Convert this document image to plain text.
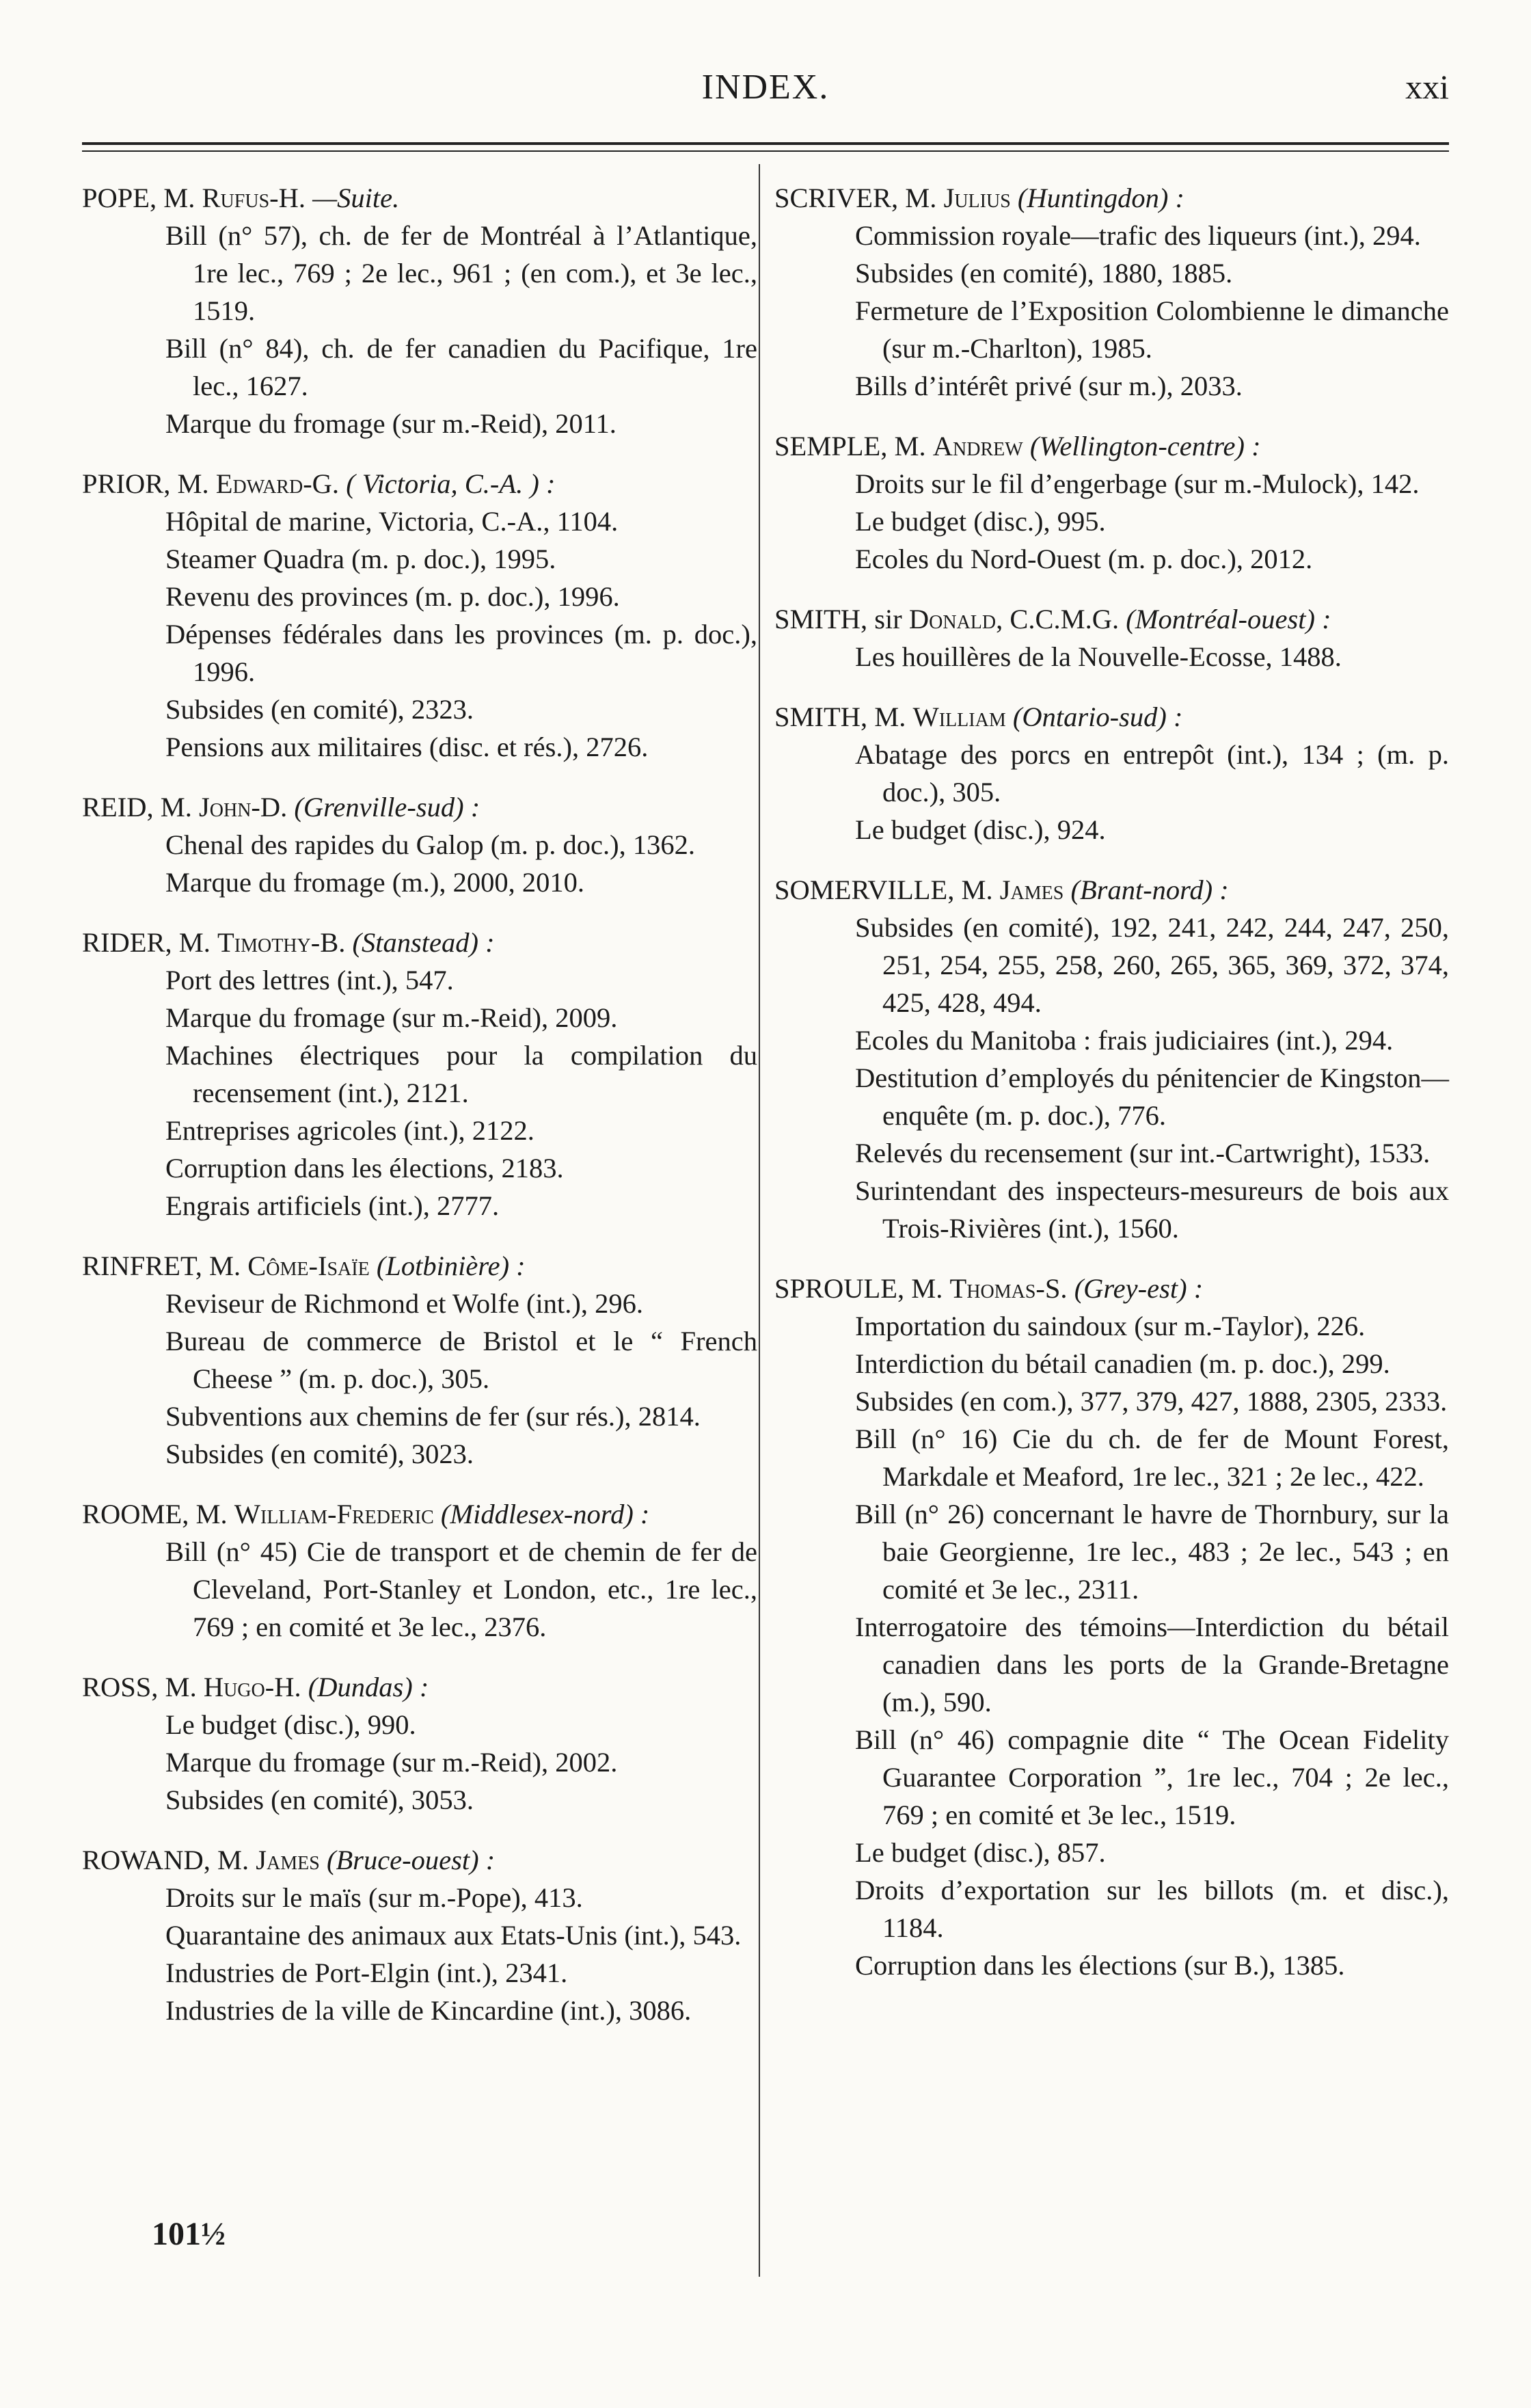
INDEX.	xxi
POPE, M. Rufus-H. —Suite.
Bill (n° 57), ch. de fer de Montréal à l’Atlantique, 1re lec., 769 ; 2e lec., 961 ; (en com.), et 3e lec., 1519.
Bill (n° 84), ch. de fer canadien du Pacifique, 1re lec., 1627.
Marque du fromage (sur m.-Reid), 2011.
PRIOR, M. Edward-G. ( Victoria, C.-A. ) :
Hôpital de marine, Victoria, C.-A., 1104.
Steamer Quadra (m. p. doc.), 1995.
Revenu des provinces (m. p. doc.), 1996.
Dépenses fédérales dans les provinces (m. p. doc.), 1996.
Subsides (en comité), 2323.
Pensions aux militaires (disc. et rés.), 2726.
REID, M. John-D. (Grenville-sud) :
Chenal des rapides du Galop (m. p. doc.), 1362.
Marque du fromage (m.), 2000, 2010.
RIDER, M. Timothy-B. (Stanstead) :
Port des lettres (int.), 547.
Marque du fromage (sur m.-Reid), 2009.
Machines électriques pour la compilation du recensement (int.), 2121.
Entreprises agricoles (int.), 2122.
Corruption dans les élections, 2183.
Engrais artificiels (int.), 2777.
RINFRET, M. Côme-Isaïe (Lotbinière) :
Reviseur de Richmond et Wolfe (int.), 296.
Bureau de commerce de Bristol et le “ French Cheese ” (m. p. doc.), 305.
Subventions aux chemins de fer (sur rés.), 2814.
Subsides (en comité), 3023.
ROOME, M. William-Frederic (Middlesex-nord) :
Bill (n° 45) Cie de transport et de chemin de fer de Cleveland, Port-Stanley et London, etc., 1re lec., 769 ; en comité et 3e lec., 2376.
ROSS, M. Hugo-H. (Dundas) :
Le budget (disc.), 990.
Marque du fromage (sur m.-Reid), 2002.
Subsides (en comité), 3053.
ROWAND, M. James (Bruce-ouest) :
Droits sur le maïs (sur m.-Pope), 413.
Quarantaine des animaux aux Etats-Unis (int.), 543.
Industries de Port-Elgin (int.), 2341.
Industries de la ville de Kincardine (int.), 3086.
SCRIVER, M. Julius (Huntingdon) :
Commission royale—trafic des liqueurs (int.), 294.
Subsides (en comité), 1880, 1885.
Fermeture de l’Exposition Colombienne le dimanche (sur m.-Charlton), 1985.
Bills d’intérêt privé (sur m.), 2033.
SEMPLE, M. Andrew (Wellington-centre) :
Droits sur le fil d’engerbage (sur m.-Mulock), 142.
Le budget (disc.), 995.
Ecoles du Nord-Ouest (m. p. doc.), 2012.
SMITH, sir Donald, C.C.M.G. (Montréal-ouest) :
Les houillères de la Nouvelle-Ecosse, 1488.
SMITH, M. William (Ontario-sud) :
Abatage des porcs en entrepôt (int.), 134 ; (m. p. doc.), 305.
Le budget (disc.), 924.
SOMERVILLE, M. James (Brant-nord) :
Subsides (en comité), 192, 241, 242, 244, 247, 250, 251, 254, 255, 258, 260, 265, 365, 369, 372, 374, 425, 428, 494.
Ecoles du Manitoba : frais judiciaires (int.), 294.
Destitution d’employés du pénitencier de Kingston—enquête (m. p. doc.), 776.
Relevés du recensement (sur int.-Cartwright), 1533.
Surintendant des inspecteurs-mesureurs de bois aux Trois-Rivières (int.), 1560.
SPROULE, M. Thomas-S. (Grey-est) :
Importation du saindoux (sur m.-Taylor), 226.
Interdiction du bétail canadien (m. p. doc.), 299.
Subsides (en com.), 377, 379, 427, 1888, 2305, 2333.
Bill (n° 16) Cie du ch. de fer de Mount Forest, Markdale et Meaford, 1re lec., 321 ; 2e lec., 422.
Bill (n° 26) concernant le havre de Thornbury, sur la baie Georgienne, 1re lec., 483 ; 2e lec., 543 ; en comité et 3e lec., 2311.
Interrogatoire des témoins—Interdiction du bétail canadien dans les ports de la Grande-Bretagne (m.), 590.
Bill (n° 46) compagnie dite “ The Ocean Fidelity Guarantee Corporation ”, 1re lec., 704 ; 2e lec., 769 ; en comité et 3e lec., 1519.
Le budget (disc.), 857.
Droits d’exportation sur les billots (m. et disc.), 1184.
Corruption dans les élections (sur B.), 1385.
101½
